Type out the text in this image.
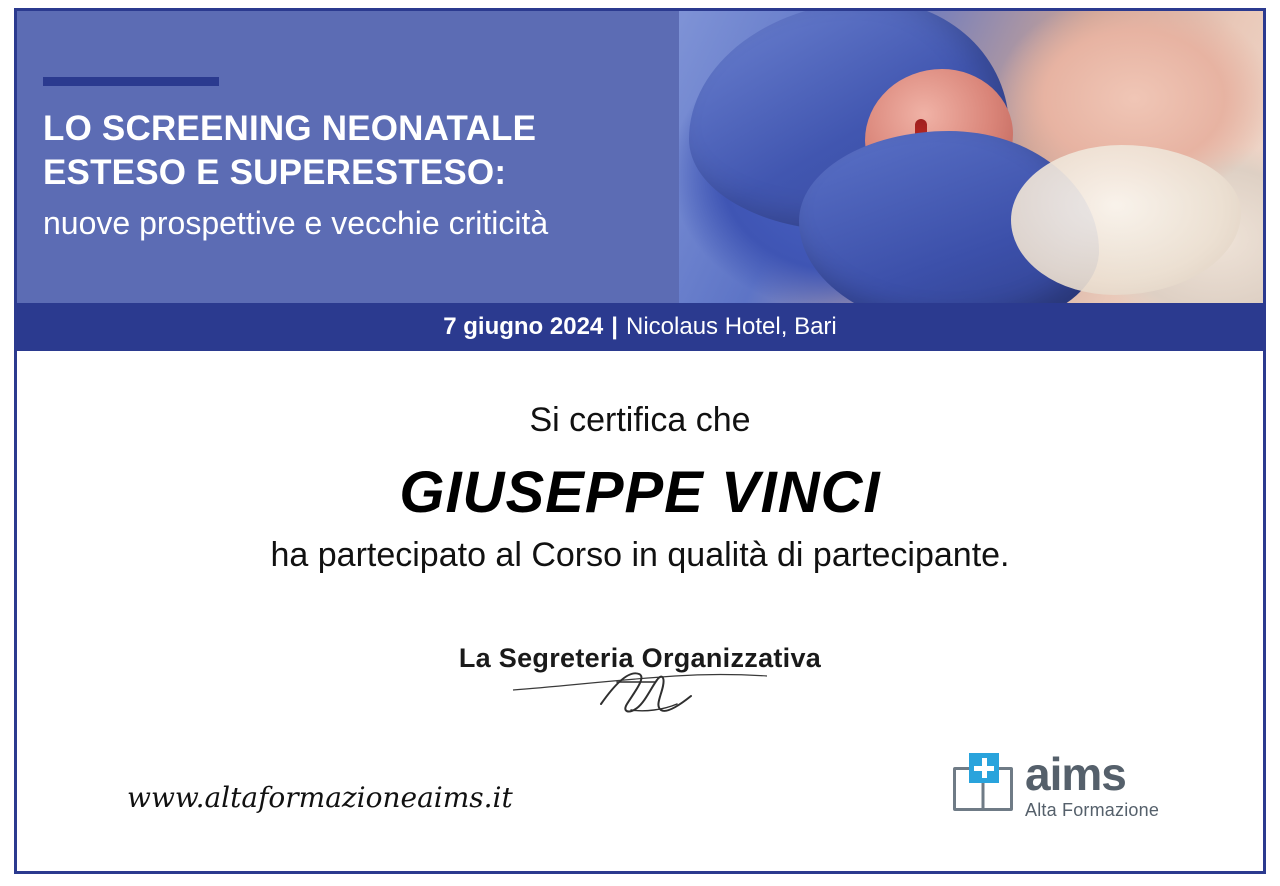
LO SCREENING NEONATALE
ESTESO E SUPERESTESO:
nuove prospettive e vecchie criticità
7 giugno 2024 | Nicolaus Hotel, Bari
Si certifica che
GIUSEPPE VINCI
ha partecipato al Corso in qualità di partecipante.
La Segreteria Organizzativa
www.altaformazioneaims.it	aims
Alta Formazione
